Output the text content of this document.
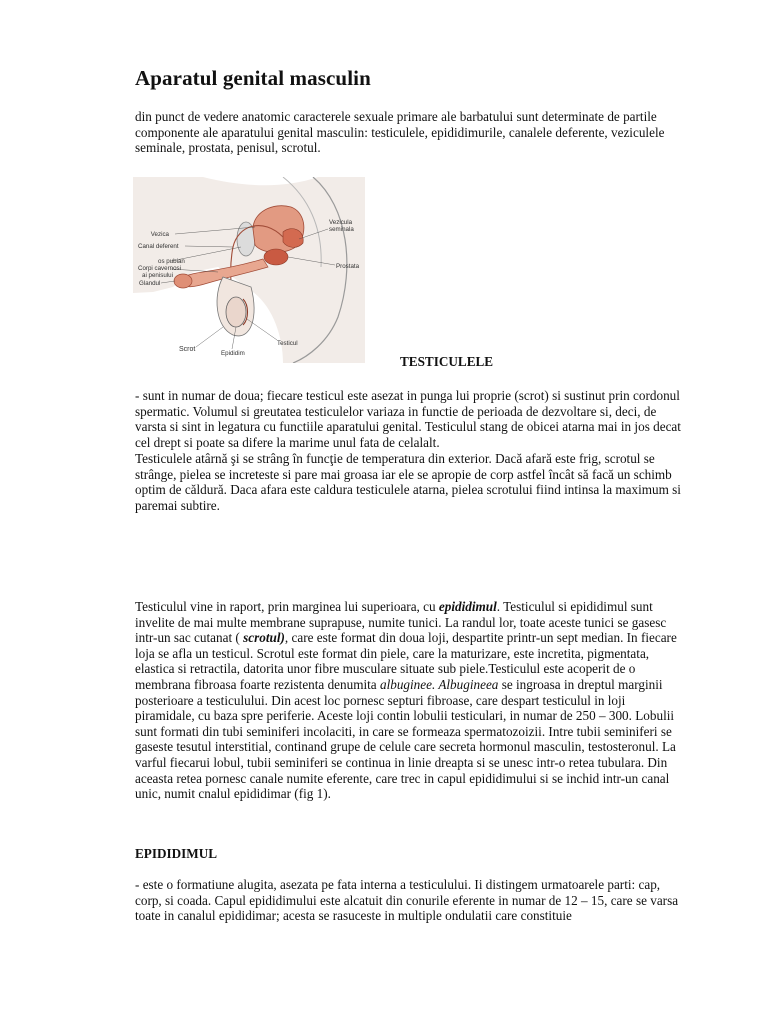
Aparatul genital masculin

din punct de vedere anatomic caracterele sexuale primare ale barbatului sunt determinate de partile componente ale aparatului genital masculin: testiculele, epididimurile, canalele deferente, veziculele seminale, prostata, penisul, scrotul.

Vezica
Canal deferent
os pubian
Corpi cavernosi
ai penisului
Glandul
Vezicula
seminala
Prostata
Scrot
Epididim
Testicul
TESTICULELE

- sunt in numar de doua; fiecare testicul este asezat in punga lui proprie (scrot) si sustinut prin cordonul spermatic. Volumul si greutatea testiculelor variaza in functie de perioada de dezvoltare si, deci, de varsta si sint in legatura cu functiile aparatului genital. Testiculul stang de obicei atarna mai in jos decat cel drept si poate sa difere la marime unul fata de celalalt.

Testiculele atârnă şi se strâng în funcţie de temperatura din exterior. Dacă afară este frig, scrotul se strânge, pielea se increteste si pare mai groasa iar ele se apropie de corp astfel încât să facă un schimb optim de căldură. Daca afara este caldura testiculele atarna, pielea scrotului fiind intinsa la maximum si paremai subtire.

Testiculul vine in raport, prin marginea lui superioara, cu epididimul. Testiculul si epididimul sunt invelite de mai multe membrane suprapuse, numite tunici. La randul lor, toate aceste tunici se gasesc intr-un sac cutanat ( scrotul), care este format din doua loji, despartite printr-un sept median. In fiecare loja se afla un testicul. Scrotul este format din piele, care la maturizare, este incretita, pigmentata, elastica si retractila, datorita unor fibre musculare situate sub piele.Testiculul este acoperit de o membrana fibroasa foarte rezistenta denumita albuginee. Albugineea se ingroasa in dreptul marginii posterioare a testiculului. Din acest loc pornesc septuri fibroase, care despart testiculul in loji piramidale, cu baza spre periferie. Aceste loji contin lobulii testiculari, in numar de 250 – 300. Lobulii sunt formati din tubi seminiferi incolaciti, in care se formeaza spermatozoizii. Intre tubii seminiferi se gaseste tesutul interstitial, continand grupe de celule care secreta hormonul masculin, testosteronul. La varful fiecarui lobul, tubii seminiferi se continua in linie dreapta si se unesc intr-o retea tubulara. Din aceasta retea pornesc canale numite eferente, care trec in capul epididimului si se inchid intr-un canal unic, numit cnalul epididimar (fig 1).

EPIDIDIMUL

- este o formatiune alugita, asezata pe fata interna a testiculului. Ii distingem urmatoarele parti: cap, corp, si coada. Capul epididimului este alcatuit din conurile eferente in numar de 12 – 15, care se varsa toate in canalul epididimar; acesta se rasuceste in multiple ondulatii care constituie
